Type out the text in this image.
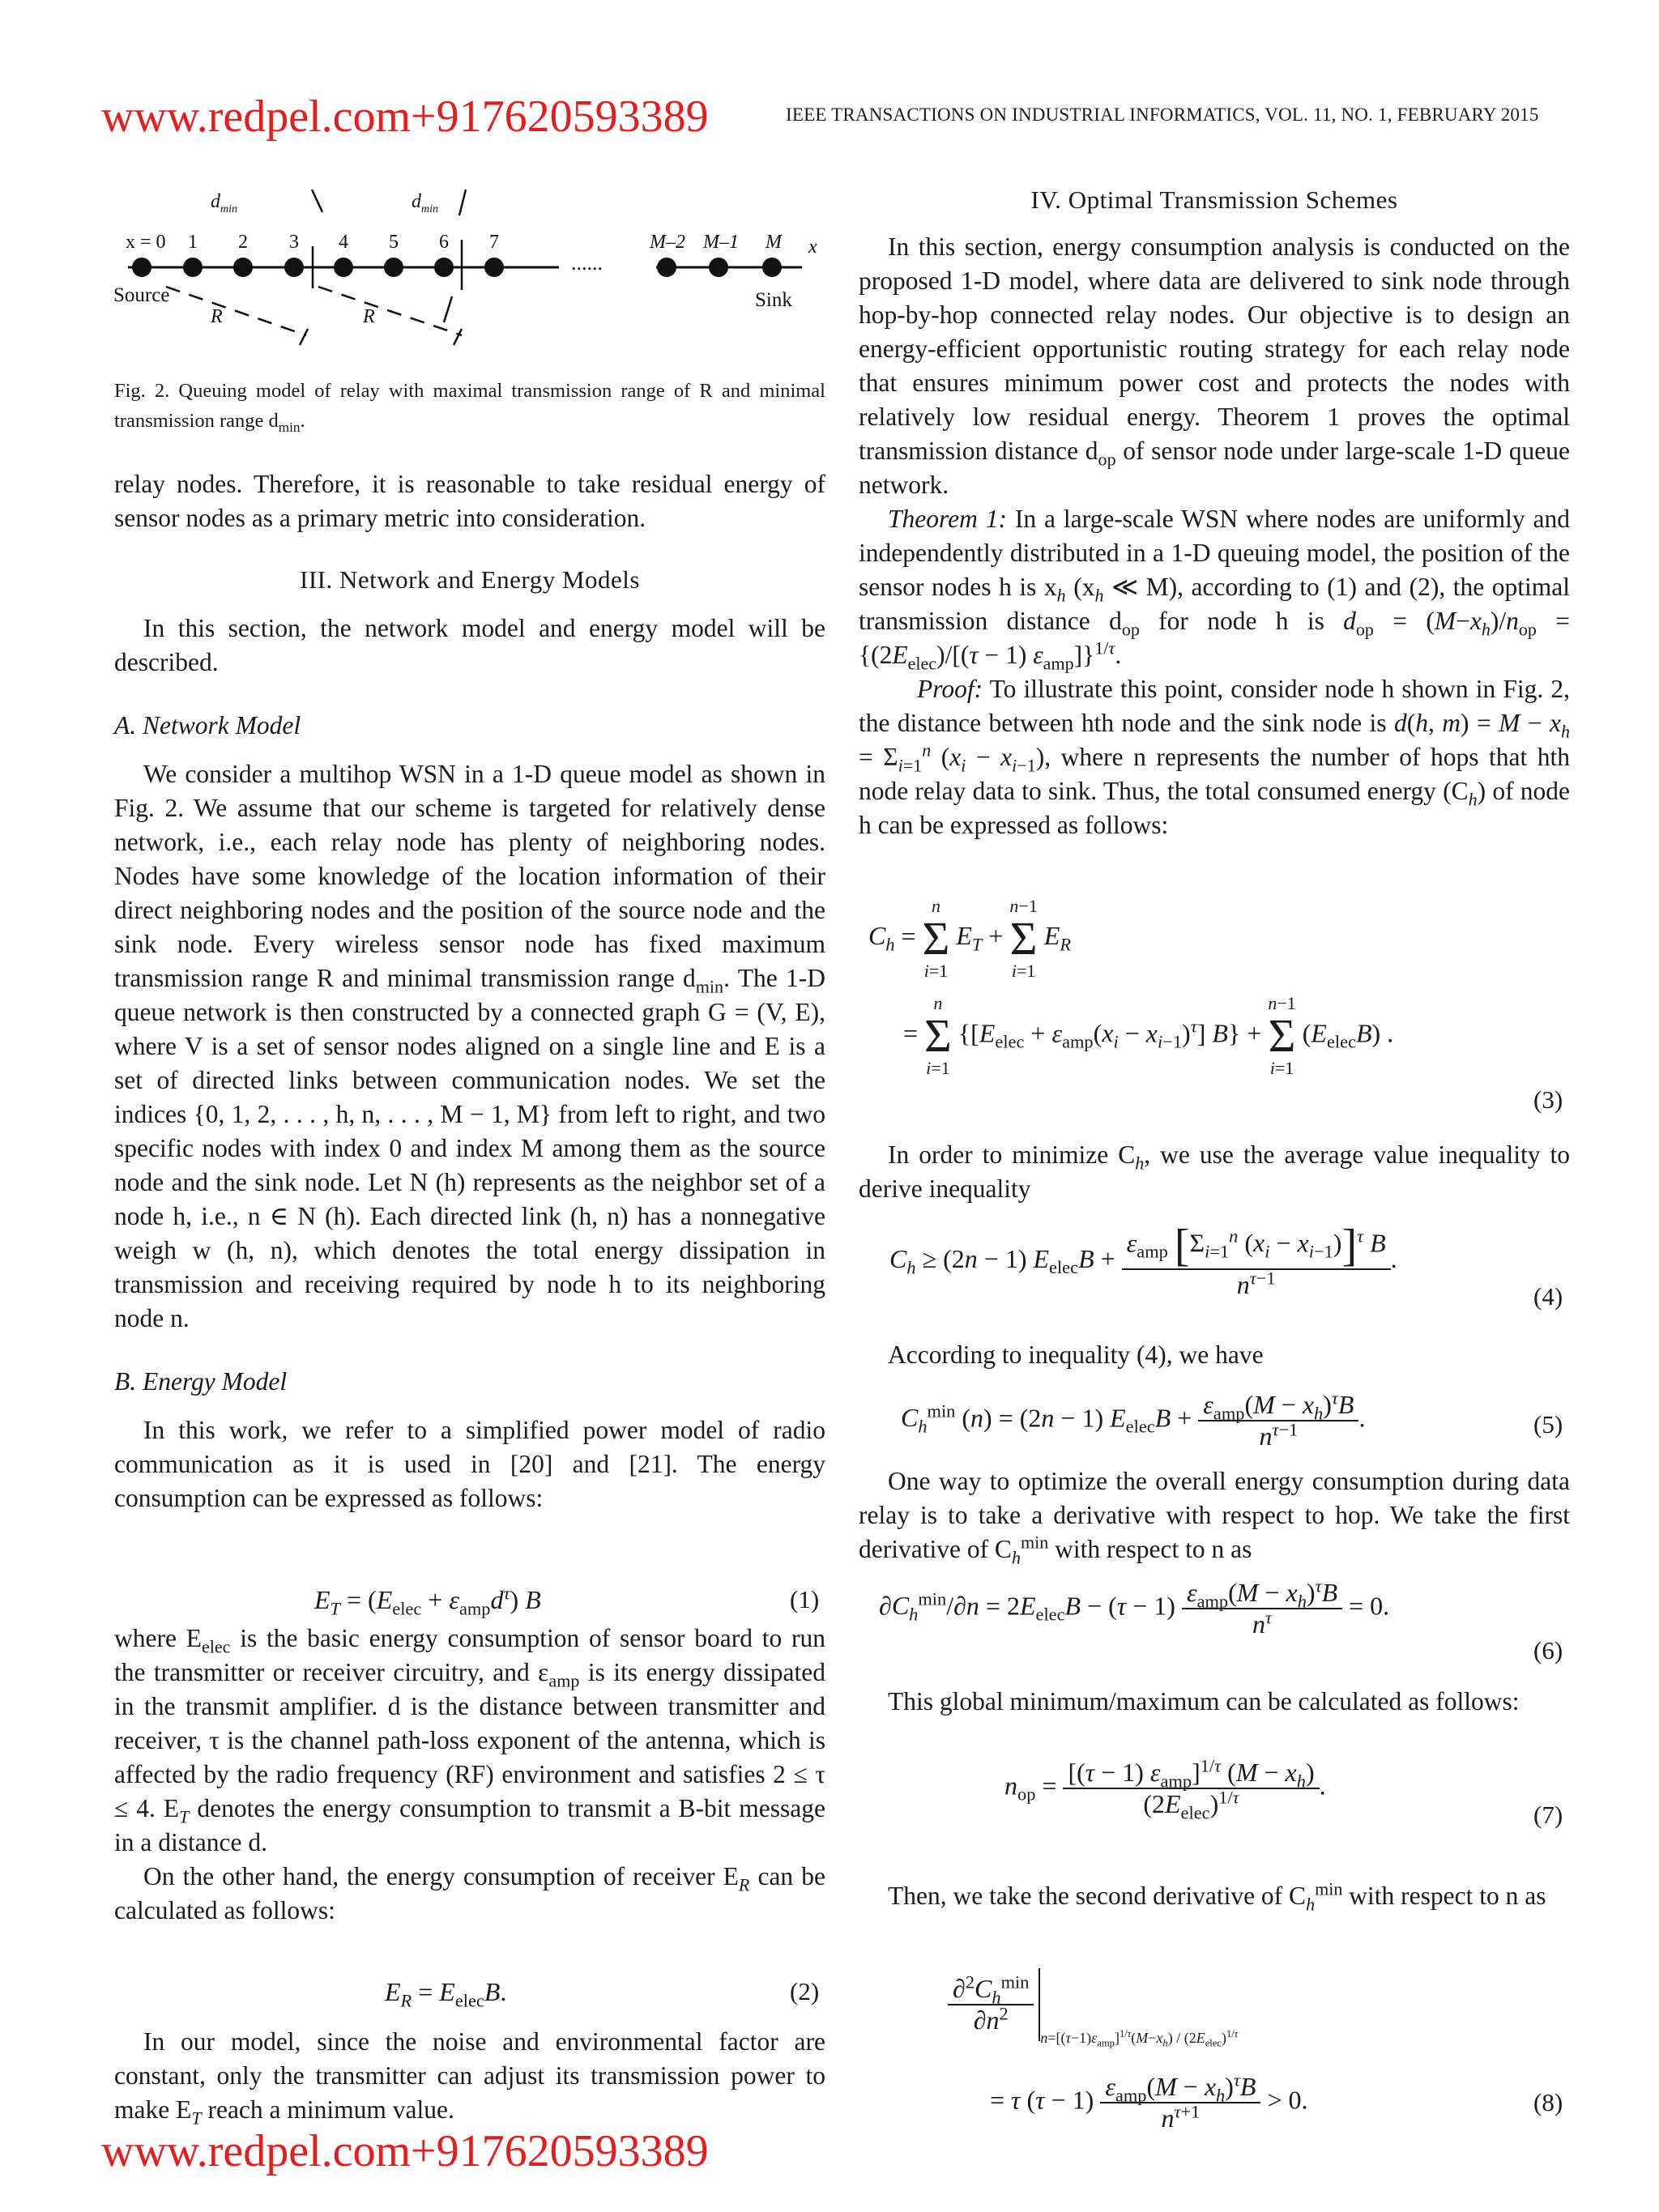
www.redpel.com+917620593389
www.redpel.com+917620593389
IEEE TRANSACTIONS ON INDUSTRIAL INFORMATICS, VOL. 11, NO. 1, FEBRUARY 2015
x = 0 1 2 3 4 5 6 7	M–2 M–1 M x
......
Source	Sink
R	R
$d_{min}$	$d_{min}$
Fig. 2. Queuing model of relay with maximal transmission range of R and minimal transmission range $d_{min}$.

relay nodes. Therefore, it is reasonable to take residual energy of sensor nodes as a primary metric into consideration.

III. Network and Energy Models

In this section, the network model and energy model will be described.

A. Network Model

We consider a multihop WSN in a 1-D queue model as shown in Fig. 2. We assume that our scheme is targeted for relatively dense network, i.e., each relay node has plenty of neighboring nodes. Nodes have some knowledge of the location information of their direct neighboring nodes and the position of the source node and the sink node. Every wireless sensor node has fixed maximum transmission range R and minimal transmission range $d_{min}$. The 1-D queue network is then constructed by a connected graph G = (V, E), where V is a set of sensor nodes aligned on a single line and E is a set of directed links between communication nodes. We set the indices {0, 1, 2, . . . , h, n, . . . , M − 1, M} from left to right, and two specific nodes with index 0 and index M among them as the source node and the sink node. Let N (h) represents as the neighbor set of a node h, i.e., n ∈ N (h). Each directed link (h, n) has a nonnegative weigh w (h, n), which denotes the total energy dissipation in transmission and receiving required by node h to its neighboring node n.

B. Energy Model

In this work, we refer to a simplified power model of radio communication as it is used in [20] and [21]. The energy consumption can be expressed as follows:

$E_T = (E_{elec} + \varepsilon_{amp}d^\tau)$ B	(1)

where $E_{elec}$ is the basic energy consumption of sensor board to run the transmitter or receiver circuitry, and $\varepsilon_{amp}$ is its energy dissipated in the transmit amplifier. d is the distance between transmitter and receiver, τ is the channel path-loss exponent of the antenna, which is affected by the radio frequency (RF) environment and satisfies 2 ≤ τ ≤ 4. $E_T$ denotes the energy consumption to transmit a B-bit message in a distance d.

On the other hand, the energy consumption of receiver $E_R$ can be calculated as follows:

$E_R = E_{elec}B$.	(2)

In our model, since the noise and environmental factor are constant, only the transmitter can adjust its transmission power to make $E_T$ reach a minimum value.

IV. Optimal Transmission Schemes

In this section, energy consumption analysis is conducted on the proposed 1-D model, where data are delivered to sink node through hop-by-hop connected relay nodes. Our objective is to design an energy-efficient opportunistic routing strategy for each relay node that ensures minimum power cost and protects the nodes with relatively low residual energy. Theorem 1 proves the optimal transmission distance $d_{op}$ of sensor node under large-scale 1-D queue network.

Theorem 1: In a large-scale WSN where nodes are uniformly and independently distributed in a 1-D queuing model, the position of the sensor nodes h is $x_h$ ($x_h$ ≪ M), according to (1) and (2), the optimal transmission distance $d_{op}$ for node h is $d_{op} = (M-x_h)/n_{op} = \{(2E_{elec})/[(\tau - 1)$ $\varepsilon_{amp}]\}^{1/\tau}$.

Proof: To illustrate this point, consider node h shown in Fig. 2, the distance between hth node and the sink node is d(h, $m) = M - x_h = \Sigma_{i=1}^n$ $(x_i - x_{i-1})$, where n represents the number of hops that hth node relay data to sink. Thus, the total consumed energy $(C_h)$ of node h can be expressed as follows:

$C_h$ =
n
Σ
i=1
$E_T$ +
n−1
Σ
i=1
$E_R$
=
n
Σ
i=1
$\{[E_{elec} + \varepsilon_{amp}(x_i - x_{i-1})^\tau] B\}$ +
n−1
Σ
i=1
$(E_{elec}B)$ .
(3)

In order to minimize $C_h$, we use the average value inequality to derive inequality

$C_h \ge (2n - 1) E_{elec}B + \frac{\varepsilon_{amp} [\Sigma_{i=1}^n (x_i - x_{i-1})]^\tau B}{n^{\tau-1}}$ .
(4)

According to inequality (4), we have

$C_h^{min}$ (n) = (2n − 1) $E_{elec}B + \frac{\varepsilon_{amp}(M - x_h)^\tau B}{n^{\tau-1}}$ .	(5)

One way to optimize the overall energy consumption during data relay is to take a derivative with respect to hop. We take the first derivative of $C_h^{min}$ with respect to n as

$\partial C_h^{min}/\partial n = 2E_{elec}B - (\tau - 1) \frac{\varepsilon_{amp}(M - x_h)^\tau B}{n^\tau} = 0$.
(6)

This global minimum/maximum can be calculated as follows:

$n_{op} = \frac{[(\tau - 1) \varepsilon_{amp}]^{1/\tau} (M - x_h)}{(2E_{elec})^{1/\tau}}$ .
(7)

Then, we take the second derivative of $C_h^{min}$ with respect to n as

$\frac{\partial^2C_h^{min}}{\partial n^2}$
$_{n=[(\tau-1)\varepsilon_{amp}]^{1/\tau}(M-x_h) / (2E_{elec})^{1/\tau}}$
= τ $(\tau - 1) \frac{\varepsilon_{amp}(M - x_h)^\tau B}{n^{\tau+1}} > 0$.	(8)
